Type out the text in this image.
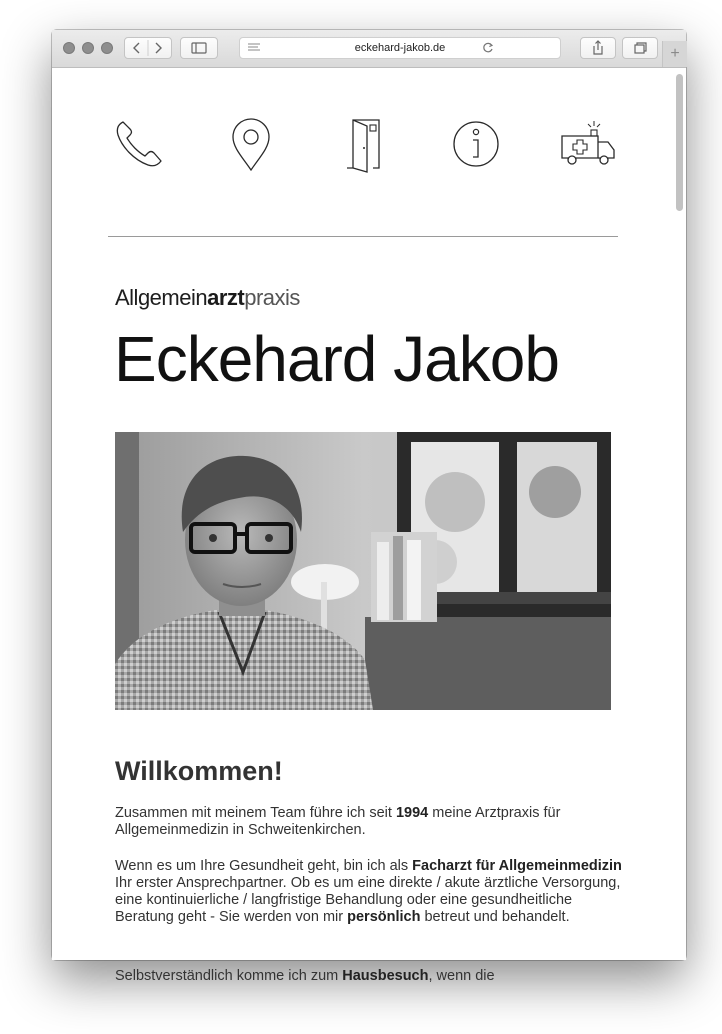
eckehard-jakob.de	+
Allgemeinarztpraxis
Eckehard Jakob
Willkommen!

Zusammen mit meinem Team führe ich seit 1994 meine Arztpraxis für Allgemeinmedizin in Schweitenkirchen.

Wenn es um Ihre Gesundheit geht, bin ich als Facharzt für Allgemeinmedizin Ihr erster Ansprechpartner. Ob es um eine direkte / akute ärztliche Versorgung, eine kontinuierliche / langfristige Behandlung oder eine gesundheitliche Beratung geht - Sie werden von mir persönlich betreut und behandelt.

Selbstverständlich komme ich zum Hausbesuch, wenn die
